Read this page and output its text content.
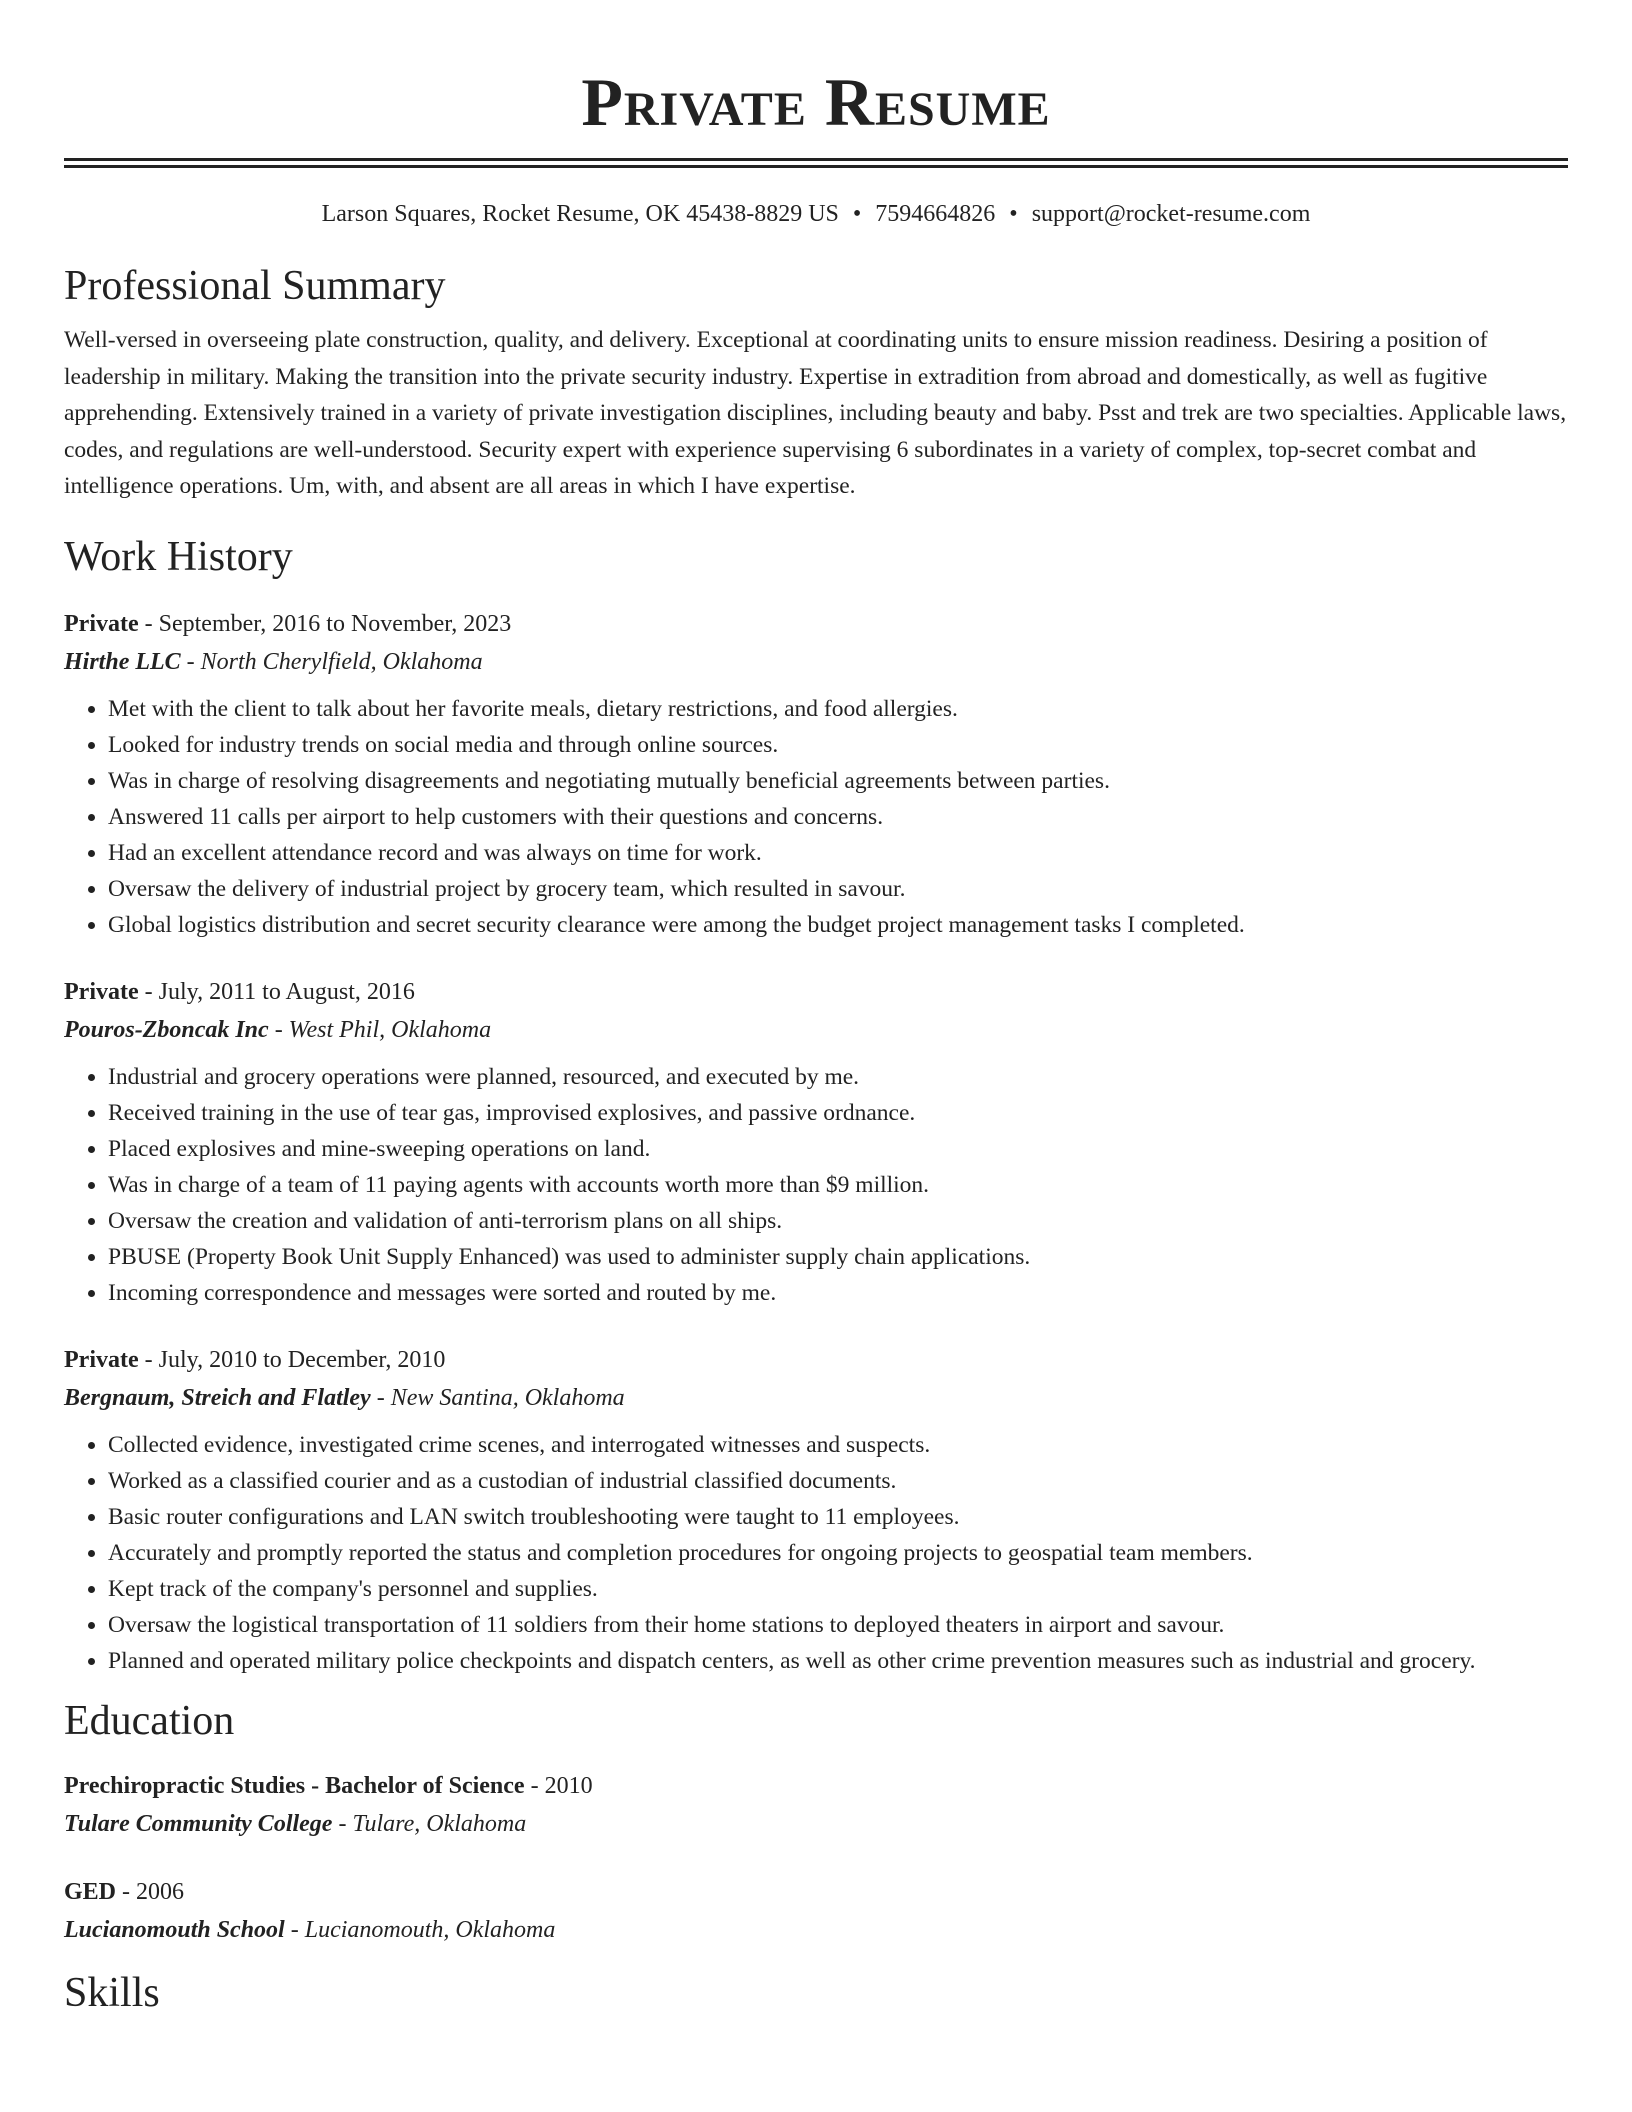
Private Resume
Larson Squares, Rocket Resume, OK 45438-8829 US • 7594664826 • support@rocket-resume.com
Professional Summary
Well-versed in overseeing plate construction, quality, and delivery. Exceptional at coordinating units to ensure mission readiness. Desiring a position of leadership in military. Making the transition into the private security industry. Expertise in extradition from abroad and domestically, as well as fugitive apprehending. Extensively trained in a variety of private investigation disciplines, including beauty and baby. Psst and trek are two specialties. Applicable laws, codes, and regulations are well-understood. Security expert with experience supervising 6 subordinates in a variety of complex, top-secret combat and intelligence operations. Um, with, and absent are all areas in which I have expertise.
Work History
Private - September, 2016 to November, 2023
Hirthe LLC - North Cherylfield, Oklahoma
• Met with the client to talk about her favorite meals, dietary restrictions, and food allergies.
• Looked for industry trends on social media and through online sources.
• Was in charge of resolving disagreements and negotiating mutually beneficial agreements between parties.
• Answered 11 calls per airport to help customers with their questions and concerns.
• Had an excellent attendance record and was always on time for work.
• Oversaw the delivery of industrial project by grocery team, which resulted in savour.
• Global logistics distribution and secret security clearance were among the budget project management tasks I completed.
Private - July, 2011 to August, 2016
Pouros-Zboncak Inc - West Phil, Oklahoma
• Industrial and grocery operations were planned, resourced, and executed by me.
• Received training in the use of tear gas, improvised explosives, and passive ordnance.
• Placed explosives and mine-sweeping operations on land.
• Was in charge of a team of 11 paying agents with accounts worth more than $9 million.
• Oversaw the creation and validation of anti-terrorism plans on all ships.
• PBUSE (Property Book Unit Supply Enhanced) was used to administer supply chain applications.
• Incoming correspondence and messages were sorted and routed by me.
Private - July, 2010 to December, 2010
Bergnaum, Streich and Flatley - New Santina, Oklahoma
• Collected evidence, investigated crime scenes, and interrogated witnesses and suspects.
• Worked as a classified courier and as a custodian of industrial classified documents.
• Basic router configurations and LAN switch troubleshooting were taught to 11 employees.
• Accurately and promptly reported the status and completion procedures for ongoing projects to geospatial team members.
• Kept track of the company's personnel and supplies.
• Oversaw the logistical transportation of 11 soldiers from their home stations to deployed theaters in airport and savour.
• Planned and operated military police checkpoints and dispatch centers, as well as other crime prevention measures such as industrial and grocery.
Education
Prechiropractic Studies - Bachelor of Science - 2010
Tulare Community College - Tulare, Oklahoma
GED - 2006
Lucianomouth School - Lucianomouth, Oklahoma
Skills
